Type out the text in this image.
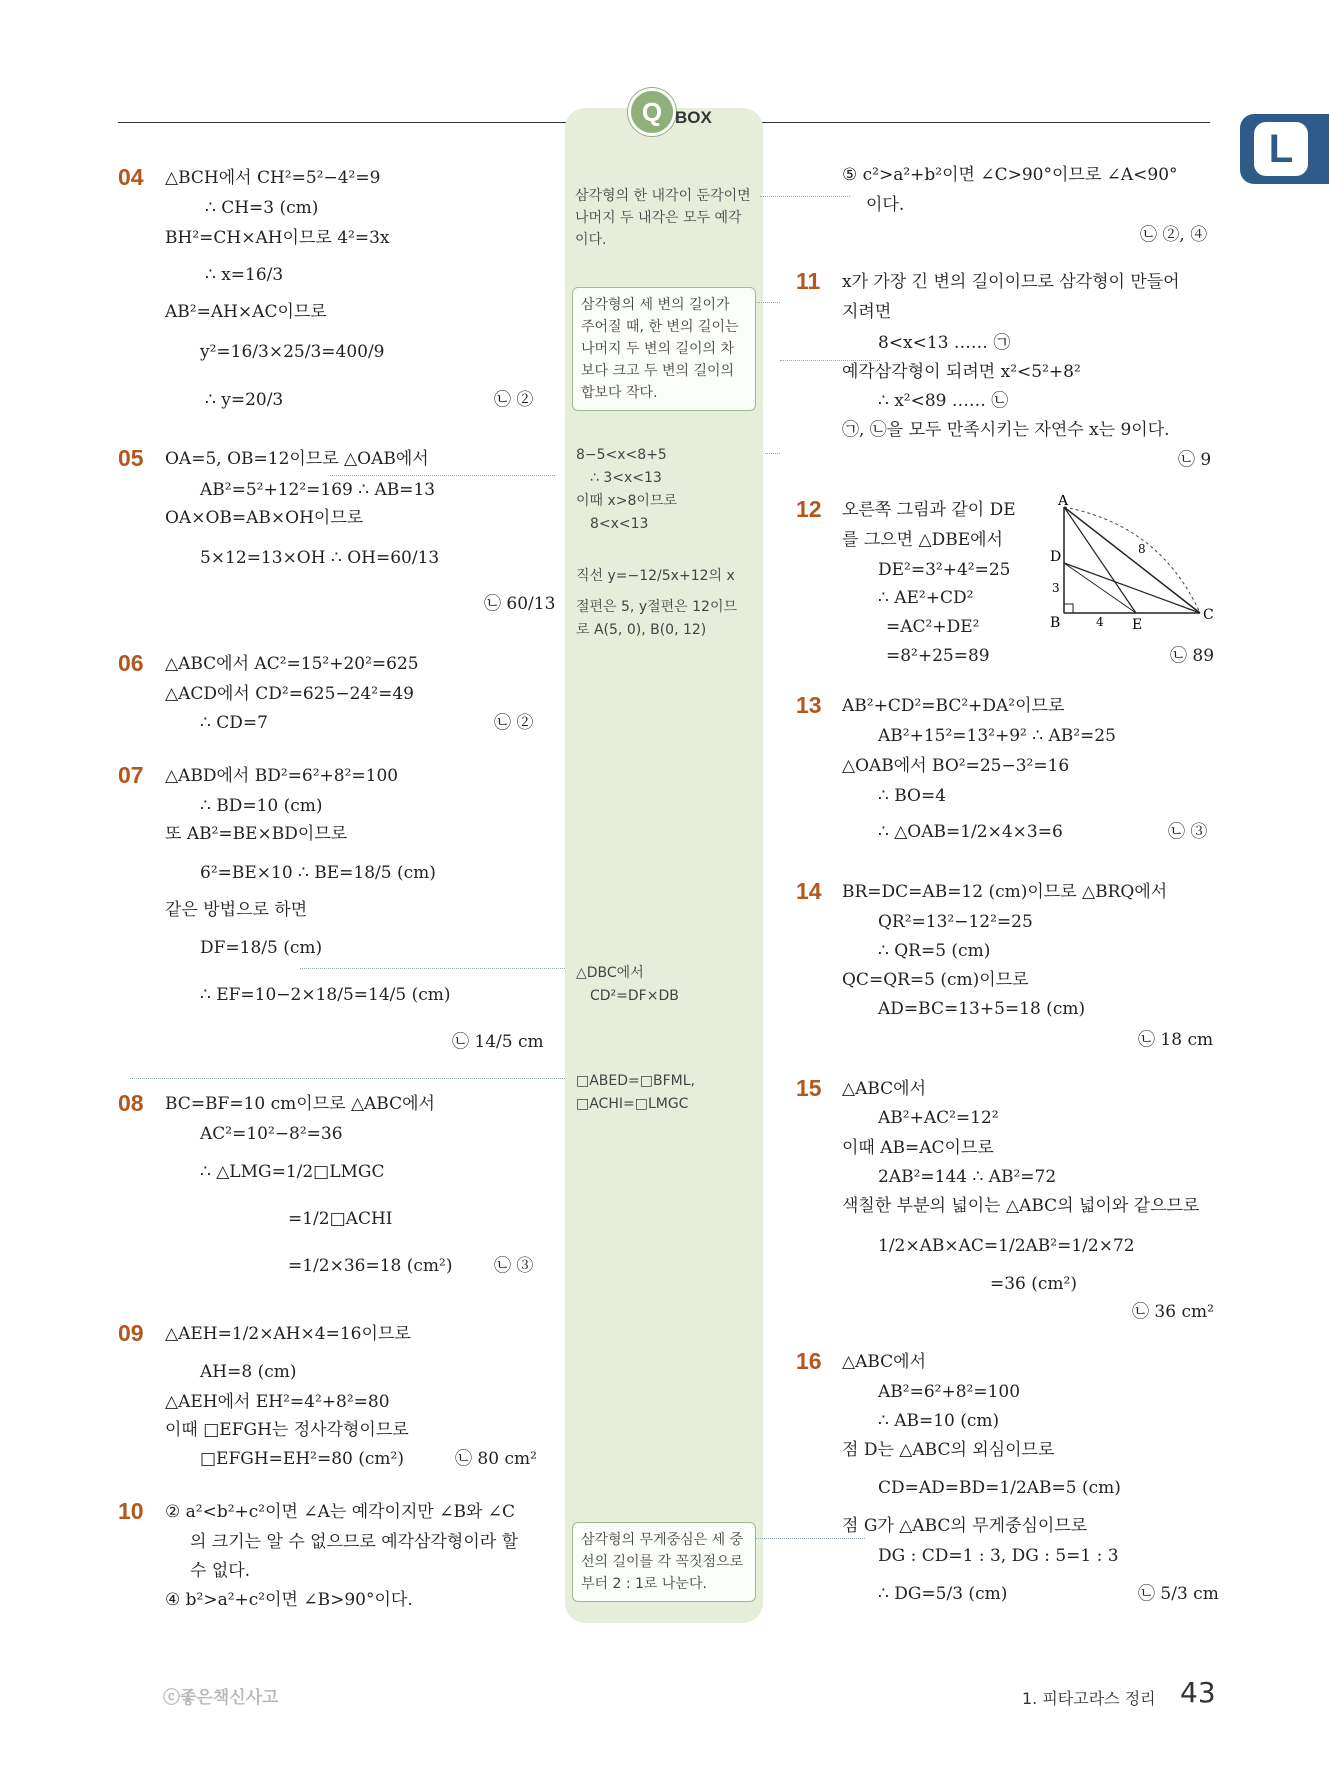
Q BOX
L
04 △BCH에서 CH²=5²−4²=9
∴ CH=3 (cm)
BH²=CH×AH이므로 4²=3x
∴ x=16/3
AB²=AH×AC이므로
y²=16/3×25/3=400/9
∴ y=20/3	㉡ ②
05 OA=5, OB=12이므로 △OAB에서
AB²=5²+12²=169 ∴ AB=13
OA×OB=AB×OH이므로
5×12=13×OH ∴ OH=60/13
㉡ 60/13
06 △ABC에서 AC²=15²+20²=625
△ACD에서 CD²=625−24²=49
∴ CD=7	㉡ ②
07 △ABD에서 BD²=6²+8²=100
∴ BD=10 (cm)
또 AB²=BE×BD이므로
6²=BE×10 ∴ BE=18/5 (cm)
같은 방법으로 하면
DF=18/5 (cm)
∴ EF=10−2×18/5=14/5 (cm)
㉡ 14/5 cm
08 BC=BF=10 cm이므로 △ABC에서
AC²=10²−8²=36
∴ △LMG=1/2□LMGC
=1/2□ACHI
=1/2×36=18 (cm²) ㉡ ③
09 △AEH=1/2×AH×4=16이므로
AH=8 (cm)
△AEH에서 EH²=4²+8²=80
이때 □EFGH는 정사각형이므로
□EFGH=EH²=80 (cm²)	㉡ 80 cm²
10 ② a²<b²+c²이면 ∠A는 예각이지만 ∠B와 ∠C
의 크기는 알 수 없으므로 예각삼각형이라 할
수 없다.
④ b²>a²+c²이면 ∠B>90°이다.
삼각형의 한 내각이 둔각이면 나머지 두 내각은 모두 예각이다.
삼각형의 세 변의 길이가 주어질 때, 한 변의 길이는 나머지 두 변의 길이의 차보다 크고 두 변의 길이의 합보다 작다.
8−5<x<8+5
∴ 3<x<13
이때 x>8이므로
8<x<13
직선 y=−12/5x+12의 x
절편은 5, y절편은 12이므
로 A(5, 0), B(0, 12)
△DBC에서
CD²=DF×DB
□ABED=□BFML,
□ACHI=□LMGC
삼각형의 무게중심은 세 중선의 길이를 각 꼭짓점으로부터 2 : 1로 나눈다.
⑤ c²>a²+b²이면 ∠C>90°이므로 ∠A<90°
이다.
㉡ ②, ④
11 x가 가장 긴 변의 길이이므로 삼각형이 만들어
지려면
8<x<13 …… ㉠
예각삼각형이 되려면 x²<5²+8²
∴ x²<89 …… ㉡
㉠, ㉡을 모두 만족시키는 자연수 x는 9이다.
㉡ 9
12 오른쪽 그림과 같이 DE
를 그으면 △DBE에서
DE²=3²+4²=25
∴ AE²+CD²
=AC²+DE²
=8²+25=89	㉡ 89
A
B	C
D
E
3
4
8
13 AB²+CD²=BC²+DA²이므로
AB²+15²=13²+9² ∴ AB²=25
△OAB에서 BO²=25−3²=16
∴ BO=4
∴ △OAB=1/2×4×3=6	㉡ ③
14 BR=DC=AB=12 (cm)이므로 △BRQ에서
QR²=13²−12²=25
∴ QR=5 (cm)
QC=QR=5 (cm)이므로
AD=BC=13+5=18 (cm)
㉡ 18 cm
15 △ABC에서
AB²+AC²=12²
이때 AB=AC이므로
2AB²=144 ∴ AB²=72
색칠한 부분의 넓이는 △ABC의 넓이와 같으므로
1/2×AB×AC=1/2AB²=1/2×72
=36 (cm²)
㉡ 36 cm²
16 △ABC에서
AB²=6²+8²=100
∴ AB=10 (cm)
점 D는 △ABC의 외심이므로
CD=AD=BD=1/2AB=5 (cm)
점 G가 △ABC의 무게중심이므로
DG : CD=1 : 3, DG : 5=1 : 3
∴ DG=5/3 (cm)	㉡ 5/3 cm
ⓒ좋은책신사고	1. 피타고라스 정리 43
